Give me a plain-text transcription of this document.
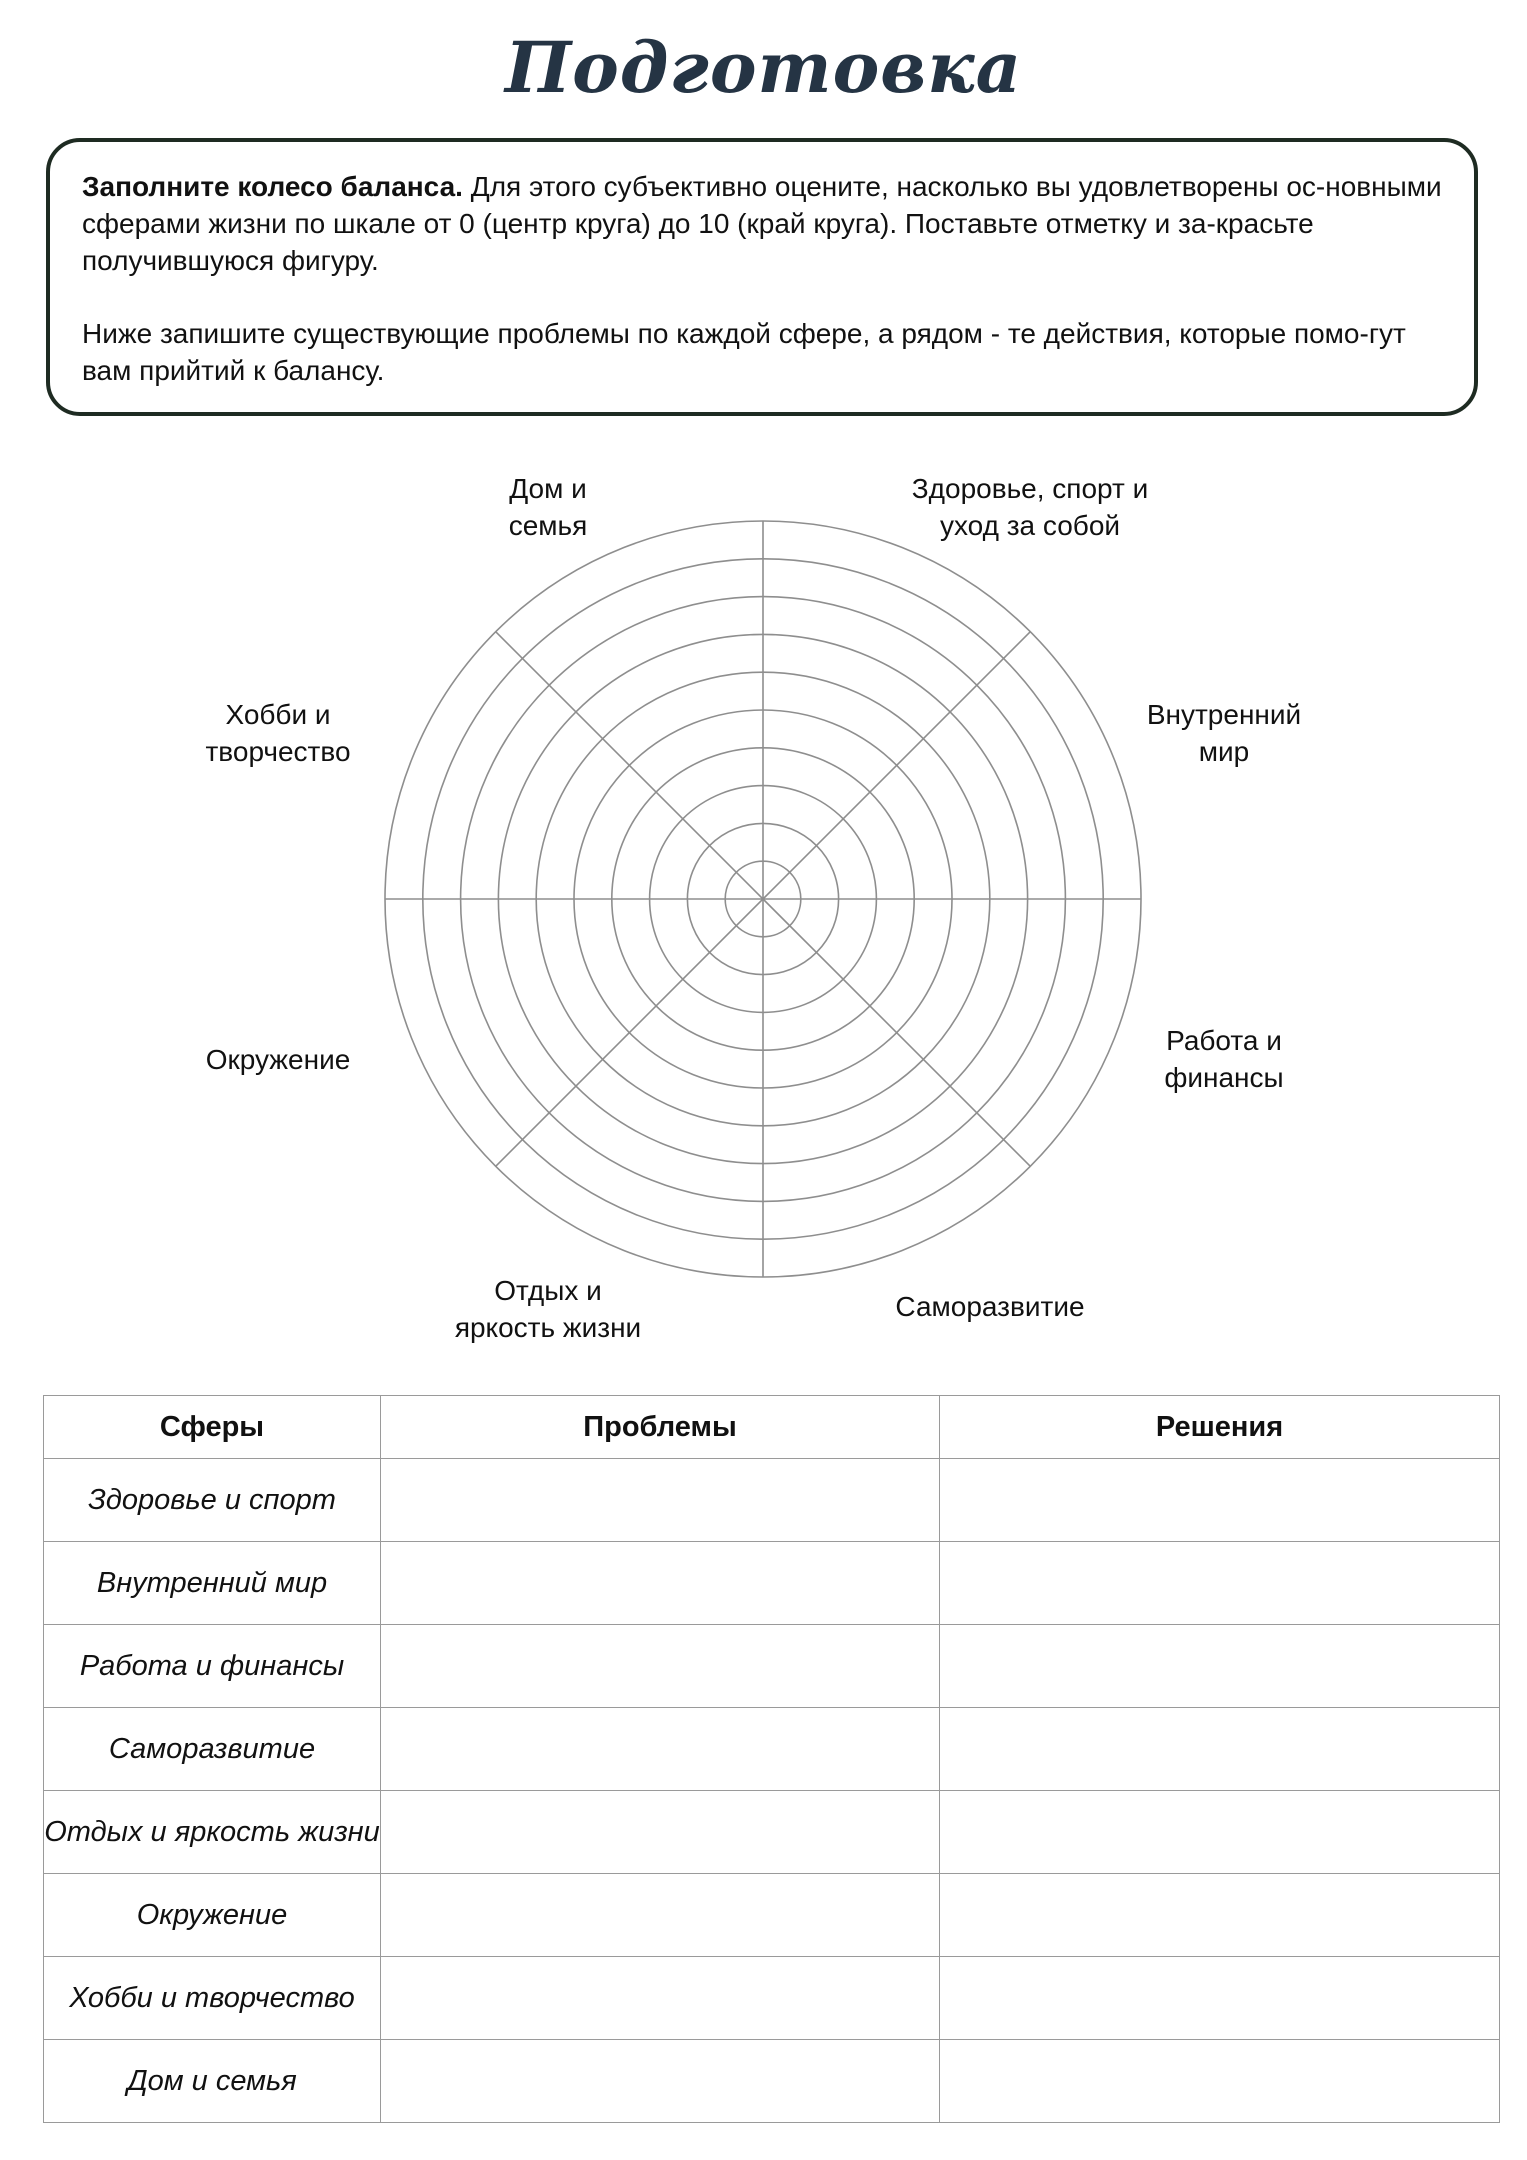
Подготовка

Заполните колесо баланса. Для этого субъективно оцените, насколько вы удовлетворены ос-новными сферами жизни по шкале от 0 (центр круга) до 10 (край круга). Поставьте отметку и за-красьте получившуюся фигуру.

Ниже запишите существующие проблемы по каждой сфере, а рядом - те действия, которые помо-гут вам прийтий к балансу.

Дом и
семья
Здоровье, спорт и
уход за собой
Хобби и
творчество
Внутренний
мир
Окружение
Работа и
финансы
Отдых и
яркость жизни
Саморазвитие
Сферы	Проблемы	Решения
Здоровье и спорт		
Внутренний мир		
Работа и финансы		
Саморазвитие		
Отдых и яркость жизни		
Окружение		
Хобби и творчество		
Дом и семья		
